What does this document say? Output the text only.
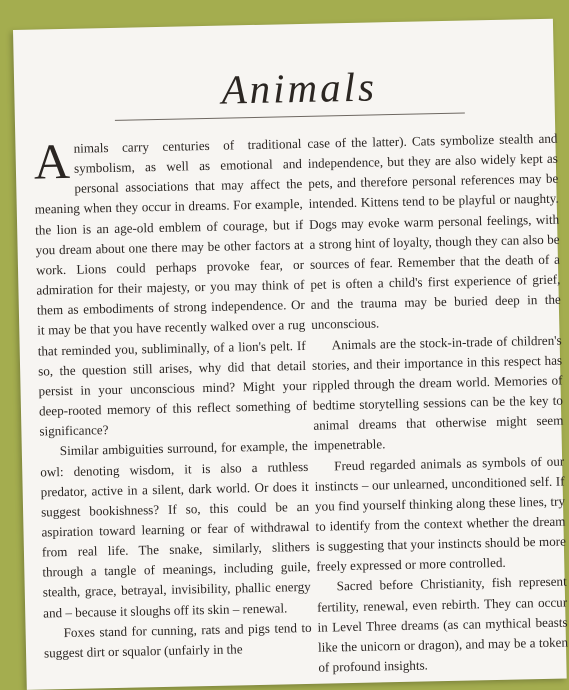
Animals

Animals carry centuries of traditional symbolism, as well as emotional and personal associations that may affect the meaning when they occur in dreams. For example, the lion is an age-old emblem of courage, but if you dream about one there may be other factors at work. Lions could perhaps provoke fear, or admiration for their majesty, or you may think of them as embodiments of strong independence. Or it may be that you have recently walked over a rug that reminded you, subliminally, of a lion's pelt. If so, the question still arises, why did that detail persist in your unconscious mind? Might your deep-rooted memory of this reflect something of significance?

Similar ambiguities surround, for example, the owl: denoting wisdom, it is also a ruthless predator, active in a silent, dark world. Or does it suggest bookishness? If so, this could be an aspiration toward learning or fear of withdrawal from real life. The snake, similarly, slithers through a tangle of meanings, including guile, stealth, grace, betrayal, invisibility, phallic energy and – because it sloughs off its skin – renewal.

Foxes stand for cunning, rats and pigs tend to suggest dirt or squalor (unfairly in the

case of the latter). Cats symbolize stealth and independence, but they are also widely kept as pets, and therefore personal references may be intended. Kittens tend to be playful or naughty. Dogs may evoke warm personal feelings, with a strong hint of loyalty, though they can also be sources of fear. Remember that the death of a pet is often a child's first experience of grief, and the trauma may be buried deep in the unconscious.

Animals are the stock-in-trade of children's stories, and their importance in this respect has rippled through the dream world. Memories of bedtime storytelling sessions can be the key to animal dreams that otherwise might seem impenetrable.

Freud regarded animals as symbols of our instincts – our unlearned, unconditioned self. If you find yourself thinking along these lines, try to identify from the context whether the dream is suggesting that your instincts should be more freely expressed or more controlled.

Sacred before Christianity, fish represent fertility, renewal, even rebirth. They can occur in Level Three dreams (as can mythical beasts like the unicorn or dragon), and may be a token of profound insights.
